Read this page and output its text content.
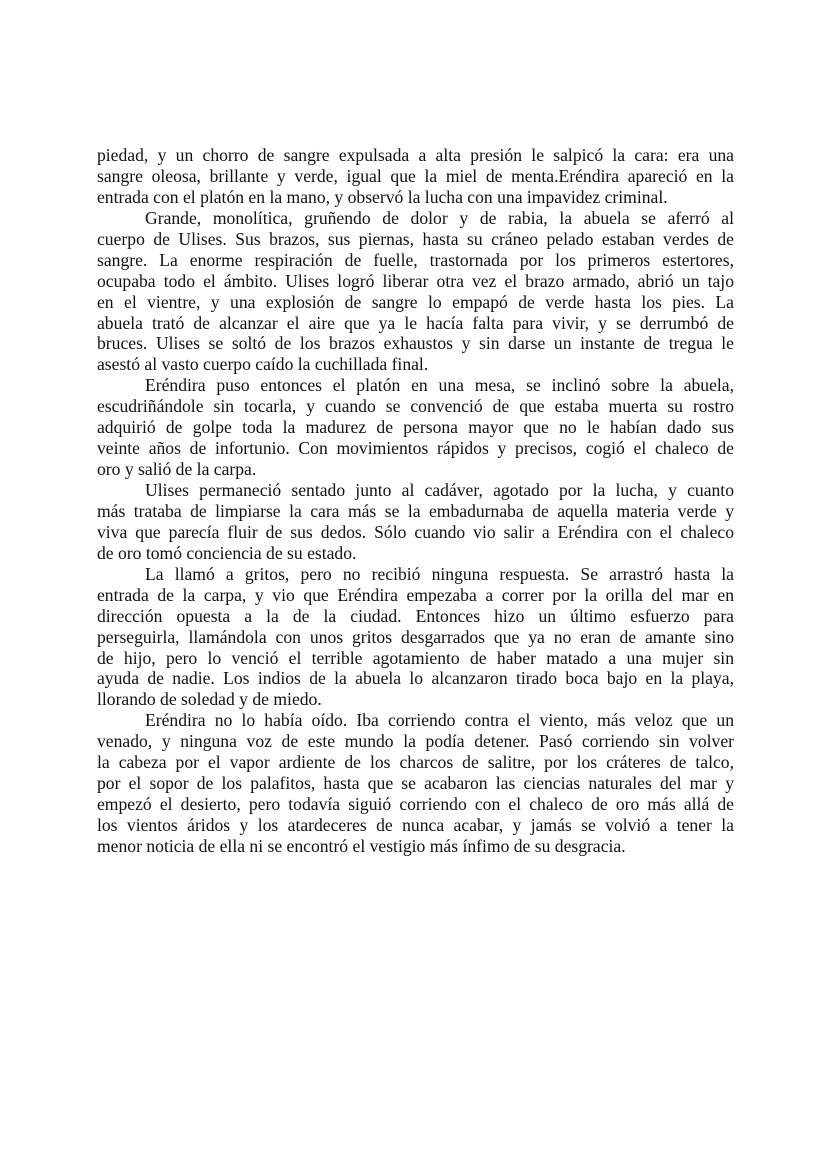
piedad, y un chorro de sangre expulsada a alta presión le salpicó la cara: era una
sangre oleosa, brillante y verde, igual que la miel de menta.Eréndira apareció en la
entrada con el platón en la mano, y observó la lucha con una impavidez criminal.
Grande, monolítica, gruñendo de dolor y de rabia, la abuela se aferró al
cuerpo de Ulises. Sus brazos, sus piernas, hasta su cráneo pelado estaban verdes de
sangre. La enorme respiración de fuelle, trastornada por los primeros estertores,
ocupaba todo el ámbito. Ulises logró liberar otra vez el brazo armado, abrió un tajo
en el vientre, y una explosión de sangre lo empapó de verde hasta los pies. La
abuela trató de alcanzar el aire que ya le hacía falta para vivir, y se derrumbó de
bruces. Ulises se soltó de los brazos exhaustos y sin darse un instante de tregua le
asestó al vasto cuerpo caído la cuchillada final.
Eréndira puso entonces el platón en una mesa, se inclinó sobre la abuela,
escudriñándole sin tocarla, y cuando se convenció de que estaba muerta su rostro
adquirió de golpe toda la madurez de persona mayor que no le habían dado sus
veinte años de infortunio. Con movimientos rápidos y precisos, cogió el chaleco de
oro y salió de la carpa.
Ulises permaneció sentado junto al cadáver, agotado por la lucha, y cuanto
más trataba de limpiarse la cara más se la embadurnaba de aquella materia verde y
viva que parecía fluir de sus dedos. Sólo cuando vio salir a Eréndira con el chaleco
de oro tomó conciencia de su estado.
La llamó a gritos, pero no recibió ninguna respuesta. Se arrastró hasta la
entrada de la carpa, y vio que Eréndira empezaba a correr por la orilla del mar en
dirección opuesta a la de la ciudad. Entonces hizo un último esfuerzo para
perseguirla, llamándola con unos gritos desgarrados que ya no eran de amante sino
de hijo, pero lo venció el terrible agotamiento de haber matado a una mujer sin
ayuda de nadie. Los indios de la abuela lo alcanzaron tirado boca bajo en la playa,
llorando de soledad y de miedo.
Eréndira no lo había oído. Iba corriendo contra el viento, más veloz que un
venado, y ninguna voz de este mundo la podía detener. Pasó corriendo sin volver
la cabeza por el vapor ardiente de los charcos de salitre, por los cráteres de talco,
por el sopor de los palafitos, hasta que se acabaron las ciencias naturales del mar y
empezó el desierto, pero todavía siguió corriendo con el chaleco de oro más allá de
los vientos áridos y los atardeceres de nunca acabar, y jamás se volvió a tener la
menor noticia de ella ni se encontró el vestigio más ínfimo de su desgracia.
